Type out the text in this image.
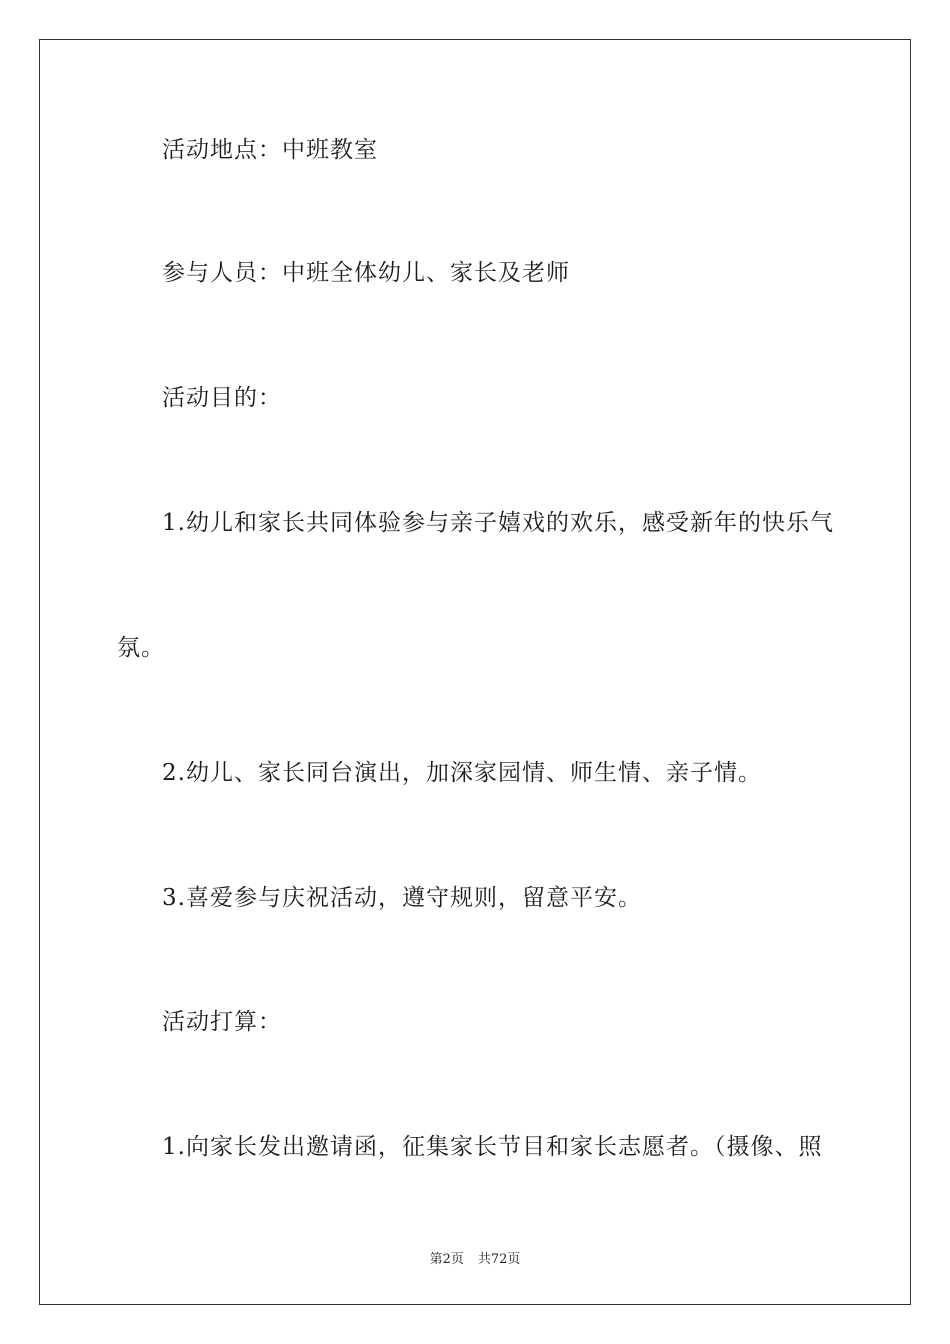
活动地点：中班教室

参与人员：中班全体幼儿、家长及老师

活动目的：

1.幼儿和家长共同体验参与亲子嬉戏的欢乐，感受新年的快乐气

氛。

2.幼儿、家长同台演出，加深家园情、师生情、亲子情。

3.喜爱参与庆祝活动，遵守规则，留意平安。

活动打算：

1.向家长发出邀请函，征集家长节目和家长志愿者。（摄像、照

第2页 共72页
